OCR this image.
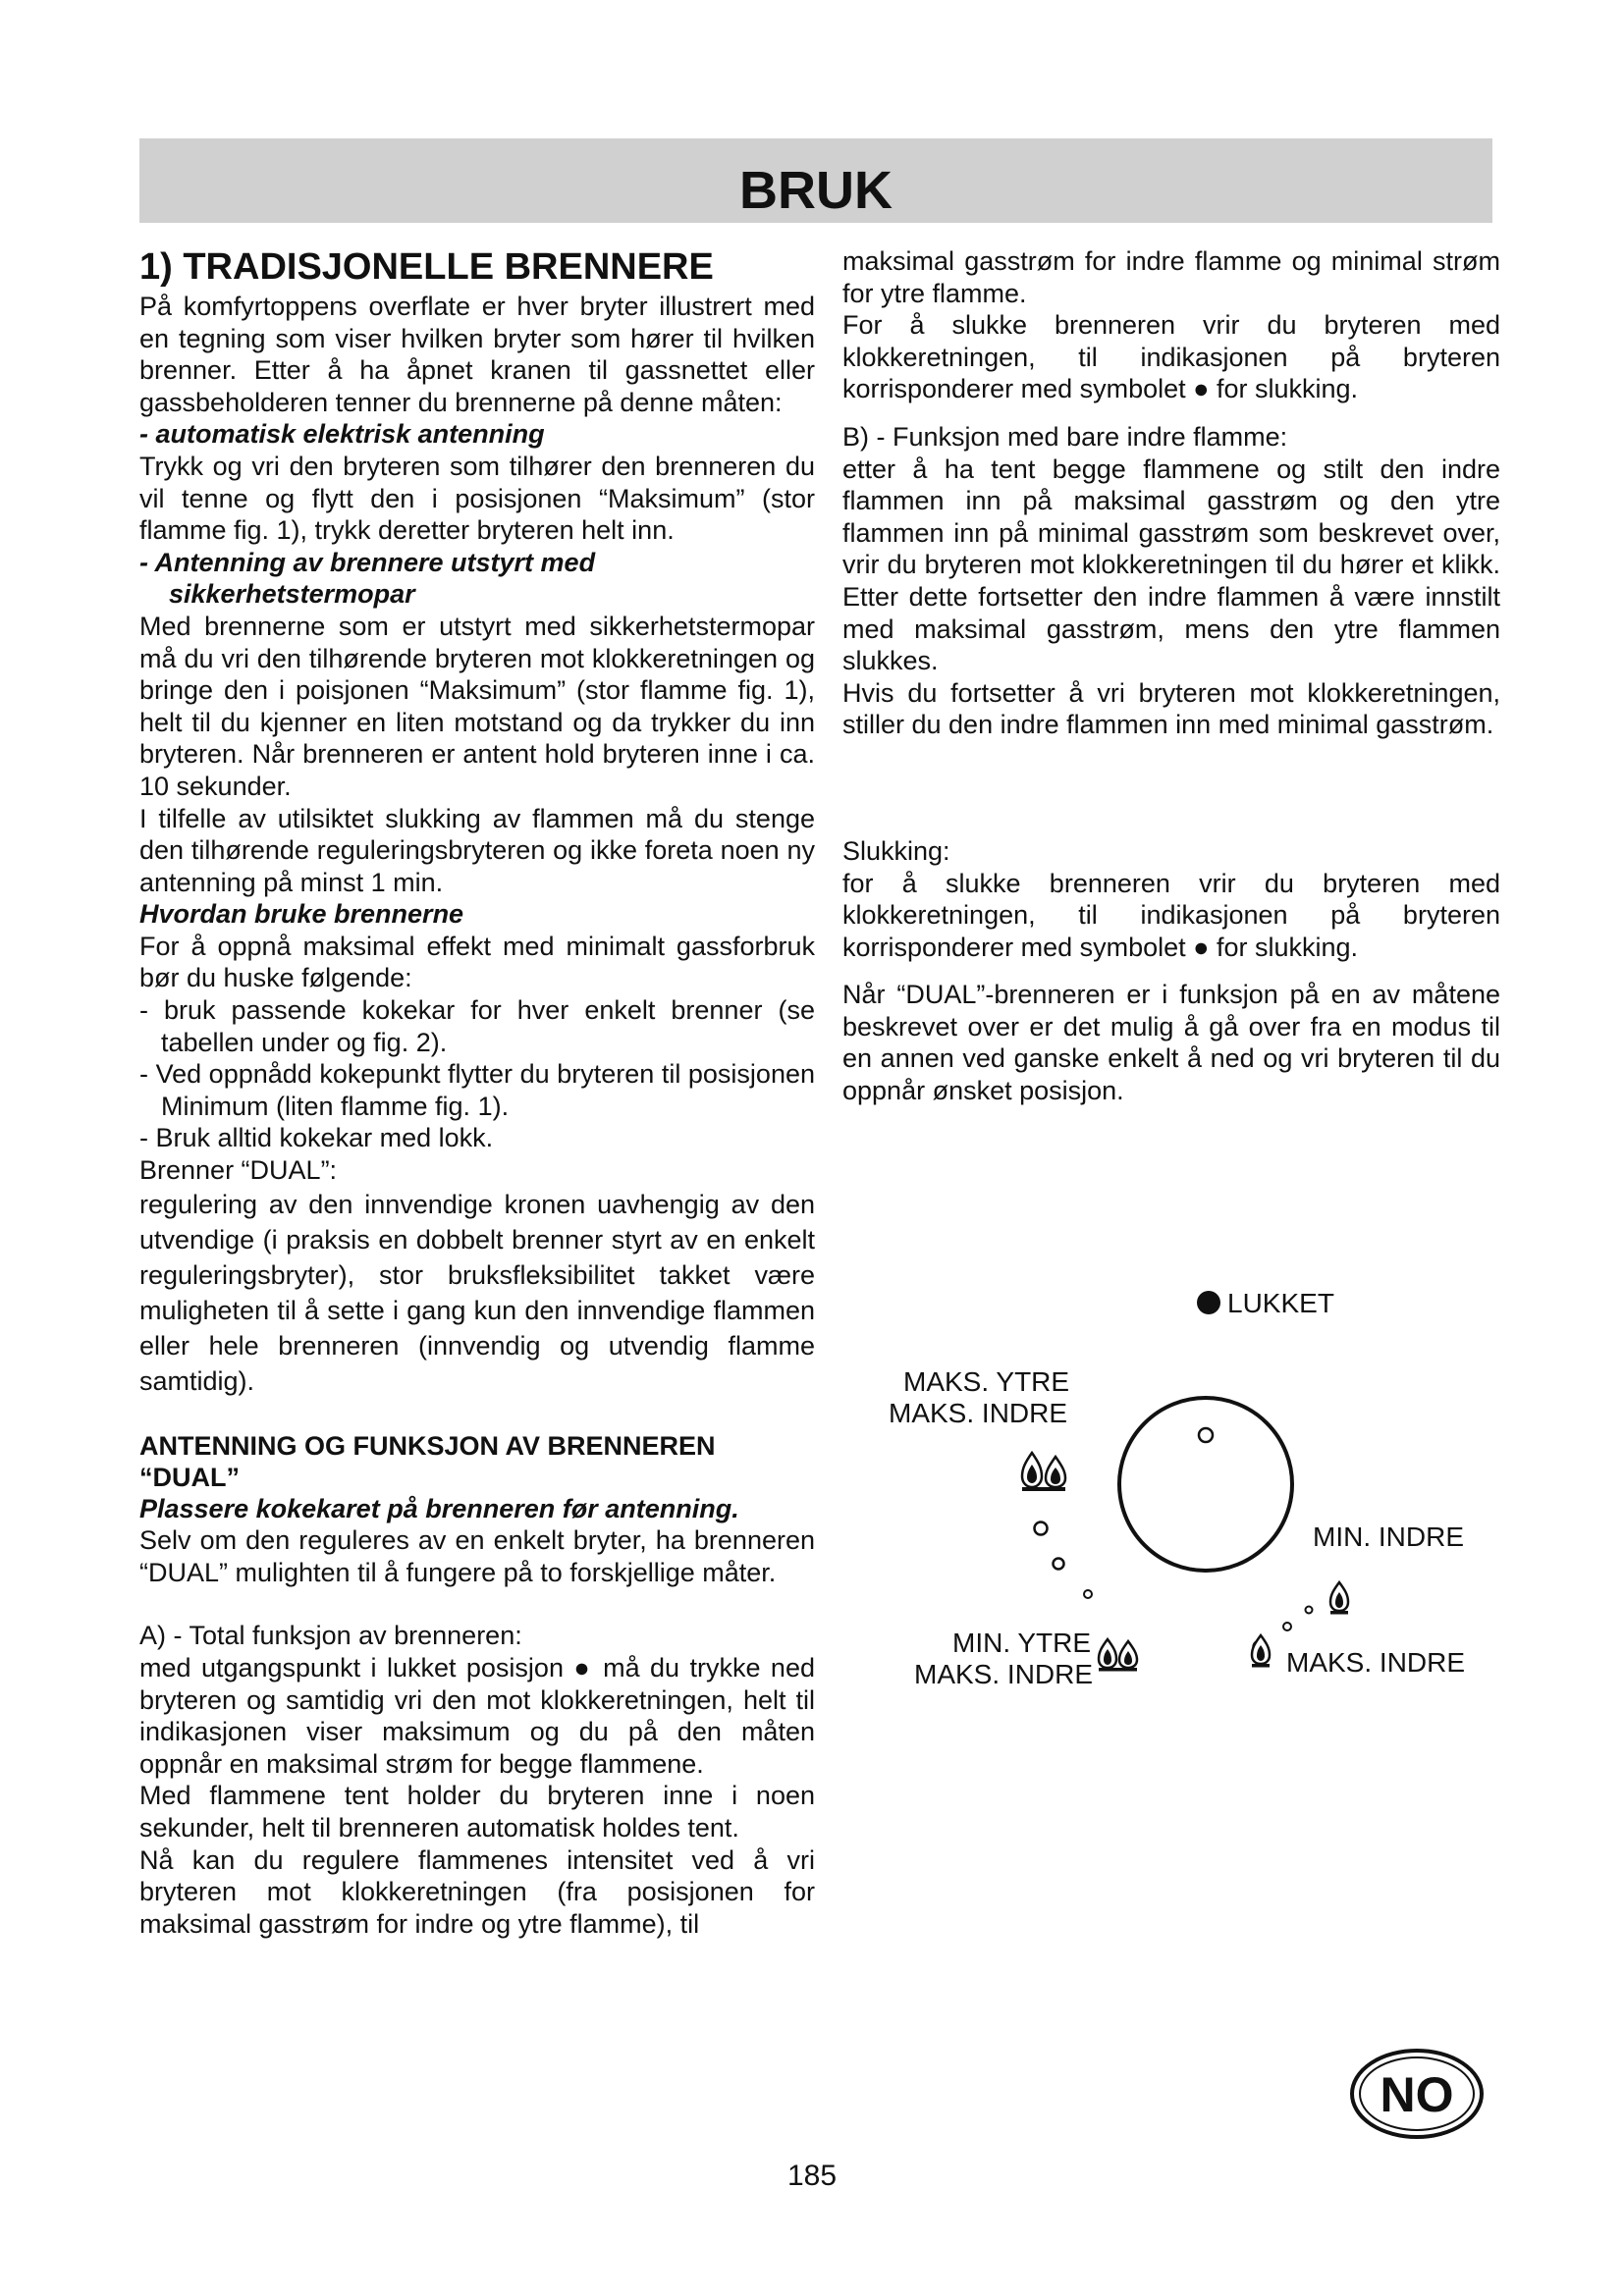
BRUK
1) TRADISJONELLE BRENNERE

På komfyrtoppens overflate er hver bryter illustrert med en tegning som viser hvilken bryter som hører til hvilken brenner. Etter å ha åpnet kranen til gassnettet eller gassbeholderen tenner du brennerne på denne måten:

- automatisk elektrisk antenning

Trykk og vri den bryteren som tilhører den brenneren du vil tenne og flytt den i posisjonen “Maksimum” (stor flamme fig. 1), trykk deretter bryteren helt inn.

- Antenning av brennere utstyrt med
sikkerhetstermopar

Med brennerne som er utstyrt med sikkerhetstermopar må du vri den tilhørende bryteren mot klokkeretningen og bringe den i poisjonen “Maksimum” (stor flamme fig. 1), helt til du kjenner en liten motstand og da trykker du inn bryteren. Når brenneren er antent hold bryteren inne i ca. 10 sekunder.

I tilfelle av utilsiktet slukking av flammen må du stenge den tilhørende reguleringsbryteren og ikke foreta noen ny antenning på minst 1 min.

Hvordan bruke brennerne

For å oppnå maksimal effekt med minimalt gassforbruk bør du huske følgende:

- bruk passende kokekar for hver enkelt brenner (se tabellen under og fig. 2).

- Ved oppnådd kokepunkt flytter du bryteren til posisjonen Minimum (liten flamme fig. 1).

- Bruk alltid kokekar med lokk.

Brenner “DUAL”:

regulering av den innvendige kronen uavhengig av den utvendige (i praksis en dobbelt brenner styrt av en enkelt reguleringsbryter), stor bruksfleksibilitet takket være muligheten til å sette i gang kun den innvendige flammen eller hele brenneren (innvendig og utvendig flamme samtidig).

ANTENNING OG FUNKSJON AV BRENNEREN “DUAL”
Plassere kokekaret på brenneren før antenning.

Selv om den reguleres av en enkelt bryter, ha brenneren “DUAL” mulighten til å fungere på to forskjellige måter.

A) - Total funksjon av brenneren:

med utgangspunkt i lukket posisjon ● må du trykke ned bryteren og samtidig vri den mot klokkeretningen, helt til indikasjonen viser maksimum og du på den måten oppnår en maksimal strøm for begge flammene.

Med flammene tent holder du bryteren inne i noen sekunder, helt til brenneren automatisk holdes tent.

Nå kan du regulere flammenes intensitet ved å vri bryteren mot klokkeretningen (fra posisjonen for maksimal gasstrøm for indre og ytre flamme), til

maksimal gasstrøm for indre flamme og minimal strøm for ytre flamme.

For å slukke brenneren vrir du bryteren med klokkeretningen, til indikasjonen på bryteren korrisponderer med symbolet ● for slukking.

B) - Funksjon med bare indre flamme:

etter å ha tent begge flammene og stilt den indre flammen inn på maksimal gasstrøm og den ytre flammen inn på minimal gasstrøm som beskrevet over, vrir du bryteren mot klokkeretningen til du hører et klikk. Etter dette fortsetter den indre flammen å være innstilt med maksimal gasstrøm, mens den ytre flammen slukkes.

Hvis du fortsetter å vri bryteren mot klokkeretningen, stiller du den indre flammen inn med minimal gasstrøm.

Slukking:

for å slukke brenneren vrir du bryteren med klokkeretningen, til indikasjonen på bryteren korrisponderer med symbolet ● for slukking.

Når “DUAL”-brenneren er i funksjon på en av måtene beskrevet over er det mulig å gå over fra en modus til en annen ved ganske enkelt å ned og vri bryteren til du oppnår ønsket posisjon.

LUKKET
MAKS. YTRE
MAKS. INDRE
MIN. INDRE
MIN. YTRE
MAKS. INDRE	MAKS. INDRE
NO
185
